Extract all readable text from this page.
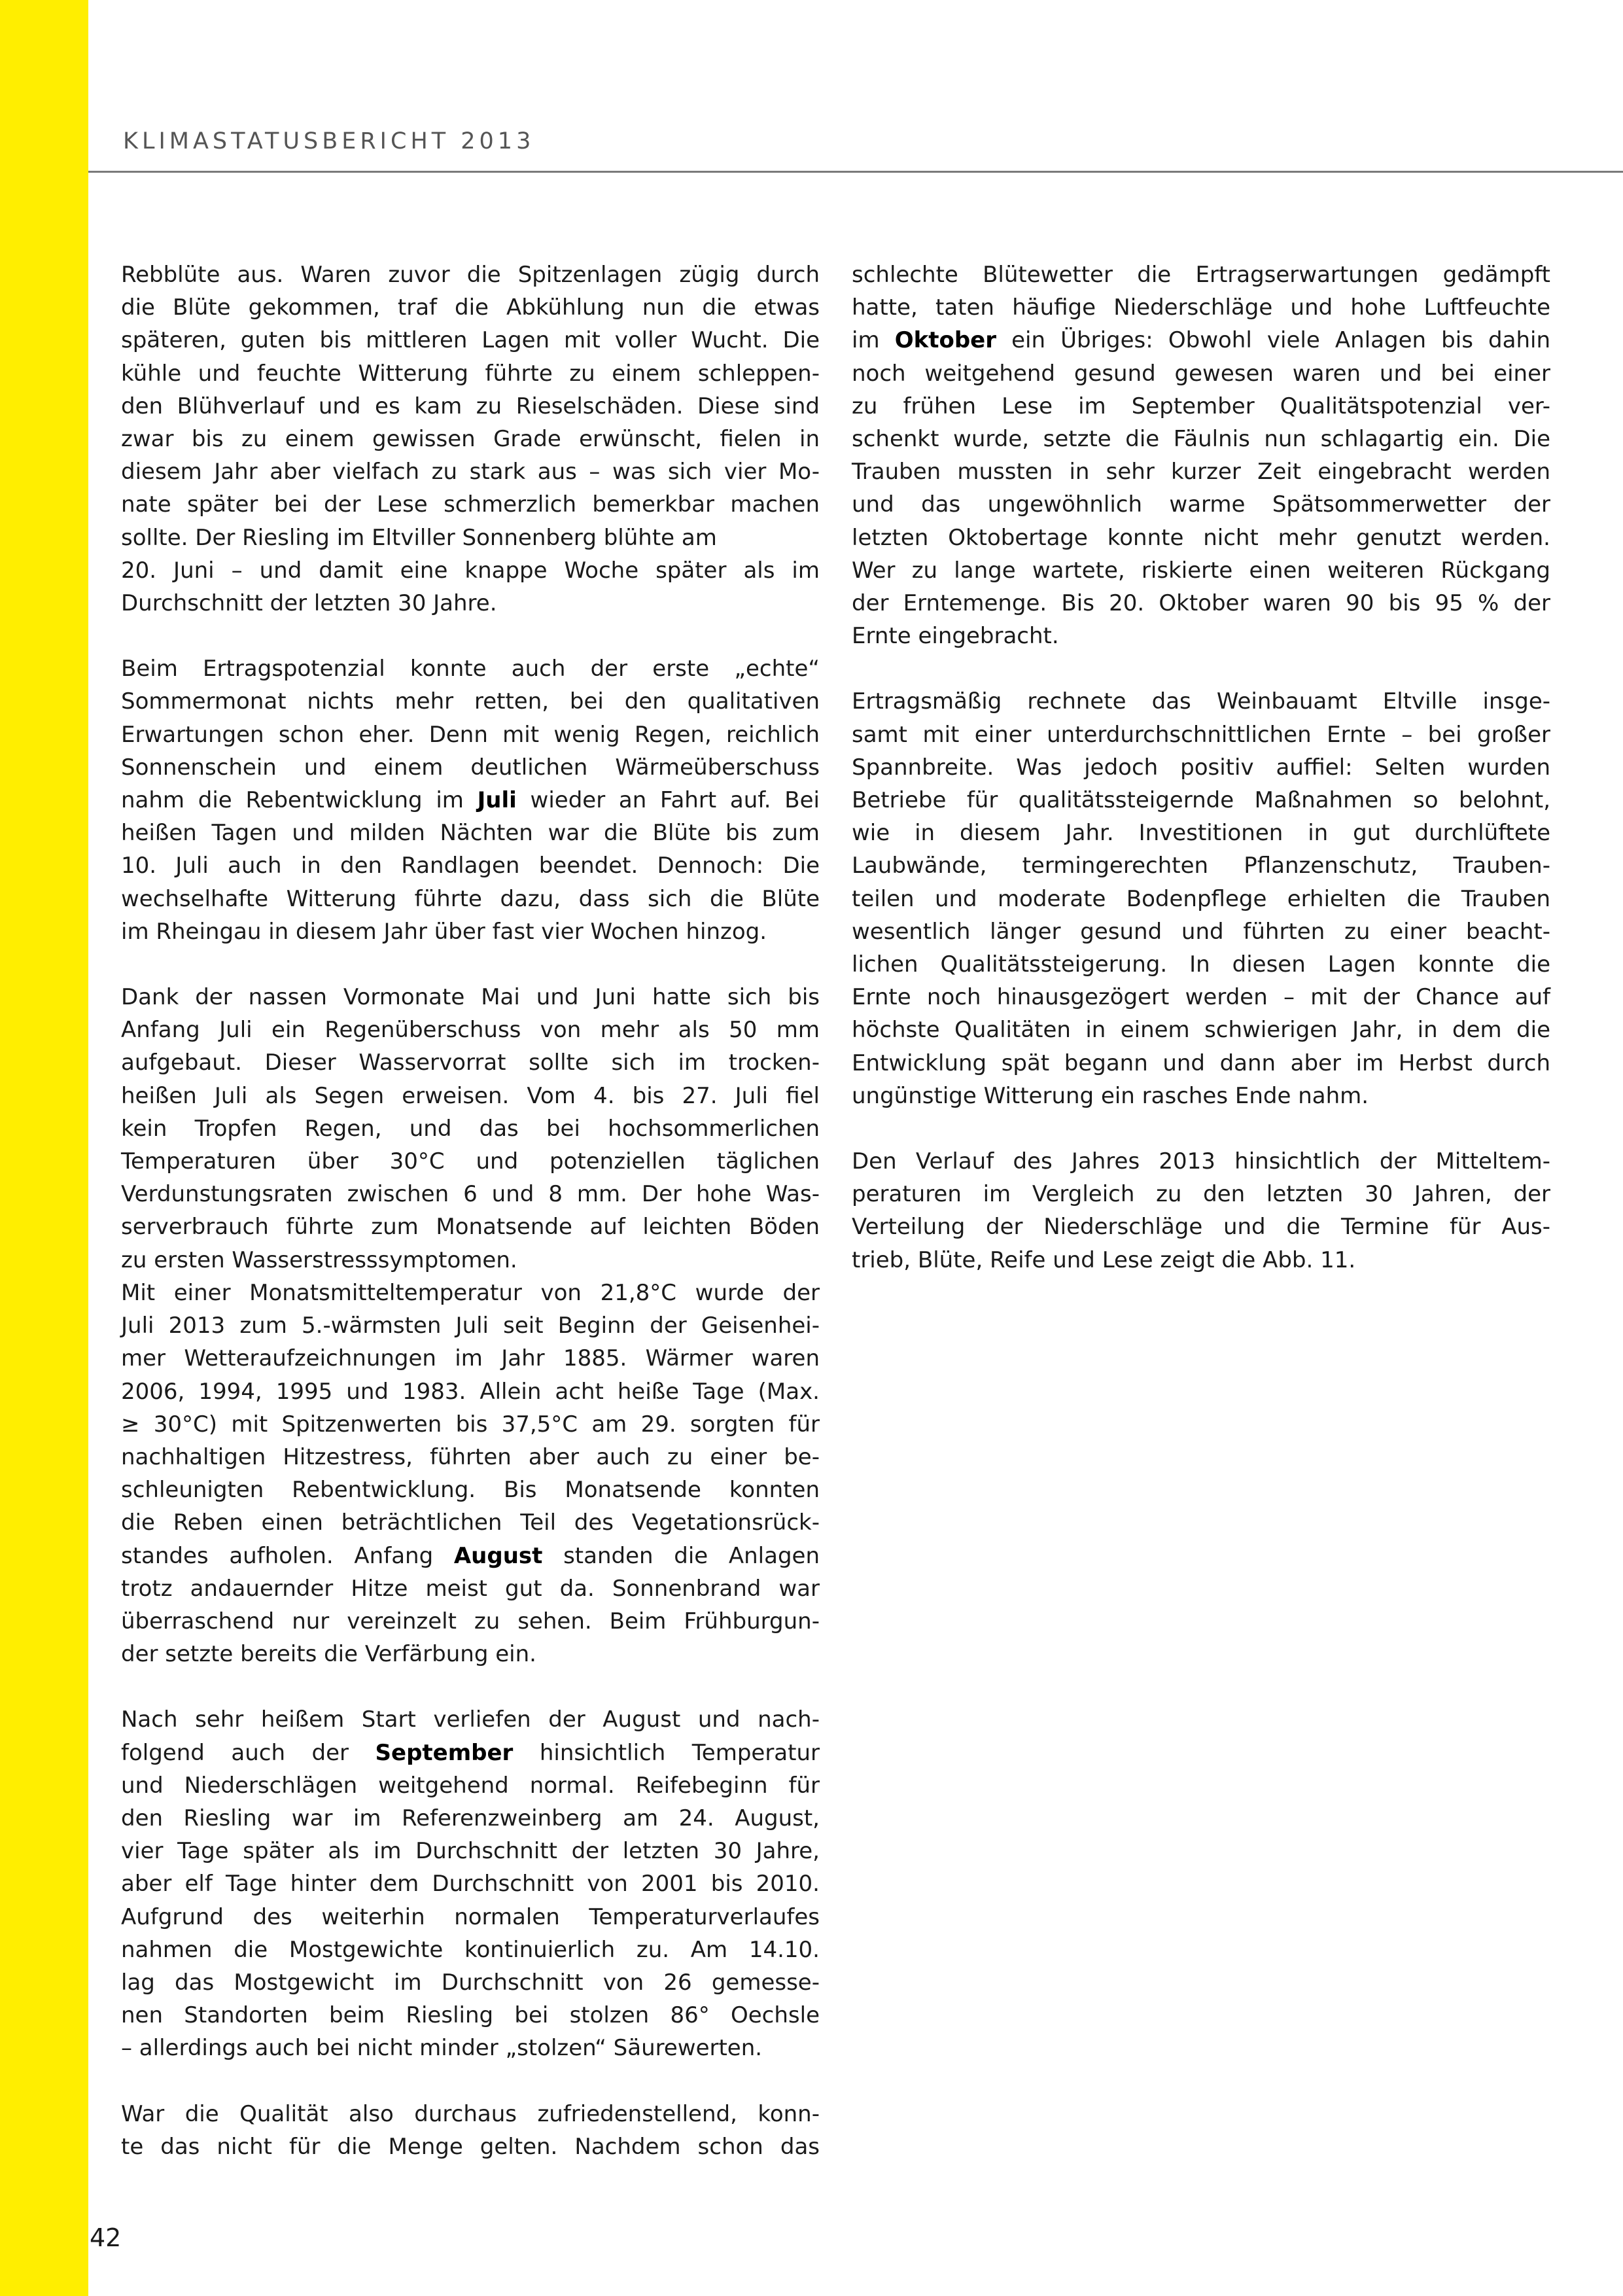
KLIMASTATUSBERICHT 2013
Rebblüte aus. Waren zuvor die Spitzenlagen zügig durch
die Blüte gekommen, traf die Abkühlung nun die etwas
späteren, guten bis mittleren Lagen mit voller Wucht. Die
kühle und feuchte Witterung führte zu einem schleppen-
den Blühverlauf und es kam zu Rieselschäden. Diese sind
zwar bis zu einem gewissen Grade erwünscht, fielen in
diesem Jahr aber vielfach zu stark aus – was sich vier Mo-
nate später bei der Lese schmerzlich bemerkbar machen
sollte. Der Riesling im Eltviller Sonnenberg blühte am
20. Juni – und damit eine knappe Woche später als im
Durchschnitt der letzten 30 Jahre.
Beim Ertragspotenzial konnte auch der erste „echte“
Sommermonat nichts mehr retten, bei den qualitativen
Erwartungen schon eher. Denn mit wenig Regen, reichlich
Sonnenschein und einem deutlichen Wärmeüberschuss
nahm die Rebentwicklung im Juli wieder an Fahrt auf. Bei
heißen Tagen und milden Nächten war die Blüte bis zum
10. Juli auch in den Randlagen beendet. Dennoch: Die
wechselhafte Witterung führte dazu, dass sich die Blüte
im Rheingau in diesem Jahr über fast vier Wochen hinzog.
Dank der nassen Vormonate Mai und Juni hatte sich bis
Anfang Juli ein Regenüberschuss von mehr als 50 mm
aufgebaut. Dieser Wasservorrat sollte sich im trocken-
heißen Juli als Segen erweisen. Vom 4. bis 27. Juli fiel
kein Tropfen Regen, und das bei hochsommerlichen
Temperaturen über 30°C und potenziellen täglichen
Verdunstungsraten zwischen 6 und 8 mm. Der hohe Was-
serverbrauch führte zum Monatsende auf leichten Böden
zu ersten Wasserstresssymptomen.
Mit einer Monatsmitteltemperatur von 21,8°C wurde der
Juli 2013 zum 5.-wärmsten Juli seit Beginn der Geisenhei-
mer Wetteraufzeichnungen im Jahr 1885. Wärmer waren
2006, 1994, 1995 und 1983. Allein acht heiße Tage (Max.
≥ 30°C) mit Spitzenwerten bis 37,5°C am 29. sorgten für
nachhaltigen Hitzestress, führten aber auch zu einer be-
schleunigten Rebentwicklung. Bis Monatsende konnten
die Reben einen beträchtlichen Teil des Vegetationsrück-
standes aufholen. Anfang August standen die Anlagen
trotz andauernder Hitze meist gut da. Sonnenbrand war
überraschend nur vereinzelt zu sehen. Beim Frühburgun-
der setzte bereits die Verfärbung ein.
Nach sehr heißem Start verliefen der August und nach-
folgend auch der September hinsichtlich Temperatur
und Niederschlägen weitgehend normal. Reifebeginn für
den Riesling war im Referenzweinberg am 24. August,
vier Tage später als im Durchschnitt der letzten 30 Jahre,
aber elf Tage hinter dem Durchschnitt von 2001 bis 2010.
Aufgrund des weiterhin normalen Temperaturverlaufes
nahmen die Mostgewichte kontinuierlich zu. Am 14.10.
lag das Mostgewicht im Durchschnitt von 26 gemesse-
nen Standorten beim Riesling bei stolzen 86° Oechsle
– allerdings auch bei nicht minder „stolzen“ Säurewerten.
War die Qualität also durchaus zufriedenstellend, konn-
te das nicht für die Menge gelten. Nachdem schon das
schlechte Blütewetter die Ertragserwartungen gedämpft
hatte, taten häufige Niederschläge und hohe Luftfeuchte
im Oktober ein Übriges: Obwohl viele Anlagen bis dahin
noch weitgehend gesund gewesen waren und bei einer
zu frühen Lese im September Qualitätspotenzial ver-
schenkt wurde, setzte die Fäulnis nun schlagartig ein. Die
Trauben mussten in sehr kurzer Zeit eingebracht werden
und das ungewöhnlich warme Spätsommerwetter der
letzten Oktobertage konnte nicht mehr genutzt werden.
Wer zu lange wartete, riskierte einen weiteren Rückgang
der Erntemenge. Bis 20. Oktober waren 90 bis 95 % der
Ernte eingebracht.
Ertragsmäßig rechnete das Weinbauamt Eltville insge-
samt mit einer unterdurchschnittlichen Ernte – bei großer
Spannbreite. Was jedoch positiv auffiel: Selten wurden
Betriebe für qualitätssteigernde Maßnahmen so belohnt,
wie in diesem Jahr. Investitionen in gut durchlüftete
Laubwände, termingerechten Pflanzenschutz, Trauben-
teilen und moderate Bodenpflege erhielten die Trauben
wesentlich länger gesund und führten zu einer beacht-
lichen Qualitätssteigerung. In diesen Lagen konnte die
Ernte noch hinausgezögert werden – mit der Chance auf
höchste Qualitäten in einem schwierigen Jahr, in dem die
Entwicklung spät begann und dann aber im Herbst durch
ungünstige Witterung ein rasches Ende nahm.
Den Verlauf des Jahres 2013 hinsichtlich der Mitteltem-
peraturen im Vergleich zu den letzten 30 Jahren, der
Verteilung der Niederschläge und die Termine für Aus-
trieb, Blüte, Reife und Lese zeigt die Abb. 11.
42
